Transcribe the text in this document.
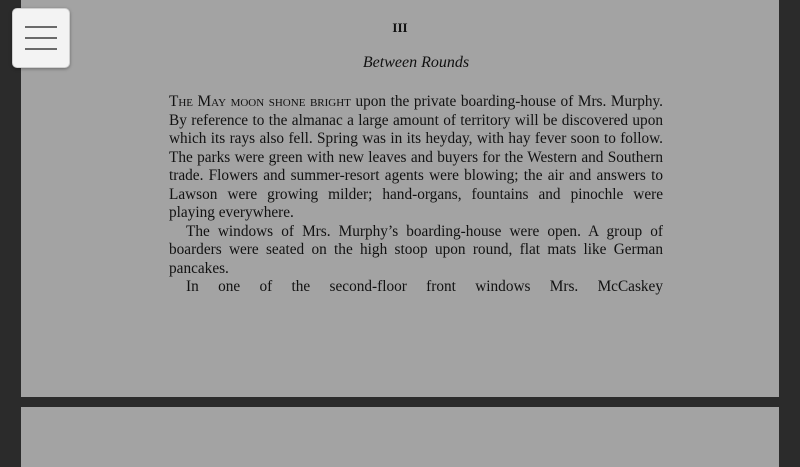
III
Between Rounds

The May moon shone bright upon the private boarding-house of Mrs. Murphy. By reference to the almanac a large amount of territory will be discovered upon which its rays also fell. Spring was in its heyday, with hay fever soon to follow. The parks were green with new leaves and buyers for the Western and Southern trade. Flowers and summer-resort agents were blowing; the air and answers to Lawson were growing milder; hand-organs, fountains and pinochle were playing everywhere.

The windows of Mrs. Murphy’s boarding-house were open. A group of boarders were seated on the high stoop upon round, flat mats like German pancakes.

In one of the second-floor front windows Mrs. McCaskey
